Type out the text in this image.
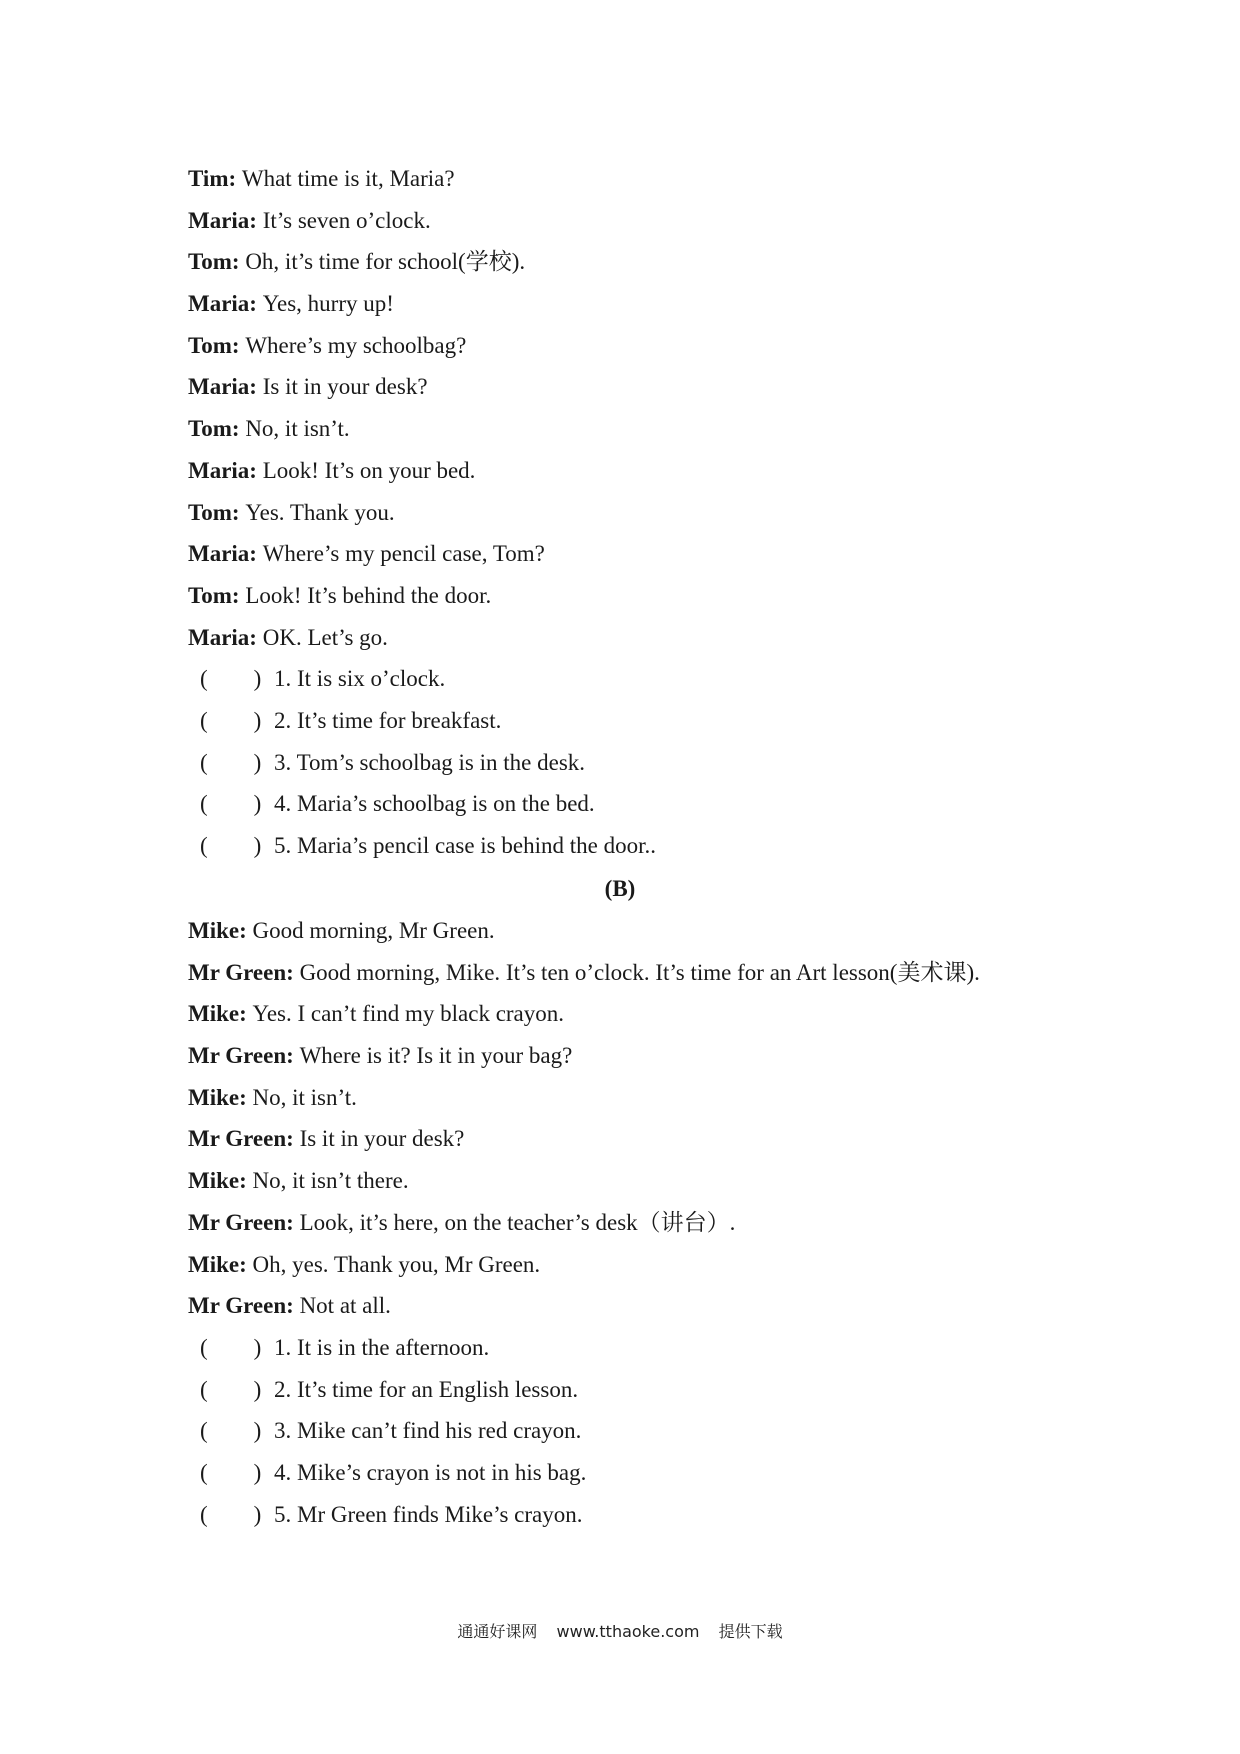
Tim: What time is it, Maria?
Maria: It’s seven o’clock.
Tom: Oh, it’s time for school(学校).
Maria: Yes, hurry up!
Tom: Where’s my schoolbag?
Maria: Is it in your desk?
Tom: No, it isn’t.
Maria: Look! It’s on your bed.
Tom: Yes. Thank you.
Maria: Where’s my pencil case, Tom?
Tom: Look! It’s behind the door.
Maria: OK. Let’s go.
(　　) 1 . It is six o’clock.
(　　) 2 . It’s time for breakfast.
(　　) 3 . Tom’s schoolbag is in the desk.
(　　) 4 . Maria’s schoolbag is on the bed.
(　　) 5 . Maria’s pencil case is behind the door..
(B)
Mike: Good morning, Mr Green.
Mr Green: Good morning, Mike. It’s ten o’clock. It’s time for an Art lesson(美术课).
Mike: Yes. I can’t find my black crayon.
Mr Green: Where is it? Is it in your bag?
Mike: No, it isn’t.
Mr Green: Is it in your desk?
Mike: No, it isn’t there.
Mr Green: Look, it’s here, on the teacher’s desk（讲台）.
Mike: Oh, yes. Thank you, Mr Green.
Mr Green: Not at all.
(　　) 1 . It is in the afternoon.
(　　) 2 . It’s time for an English lesson.
(　　) 3 . Mike can’t find his red crayon.
(　　) 4 . Mike’s crayon is not in his bag.
(　　) 5 . Mr Green finds Mike’s crayon.
通通好课网 www.tthaoke.com 提供下载
